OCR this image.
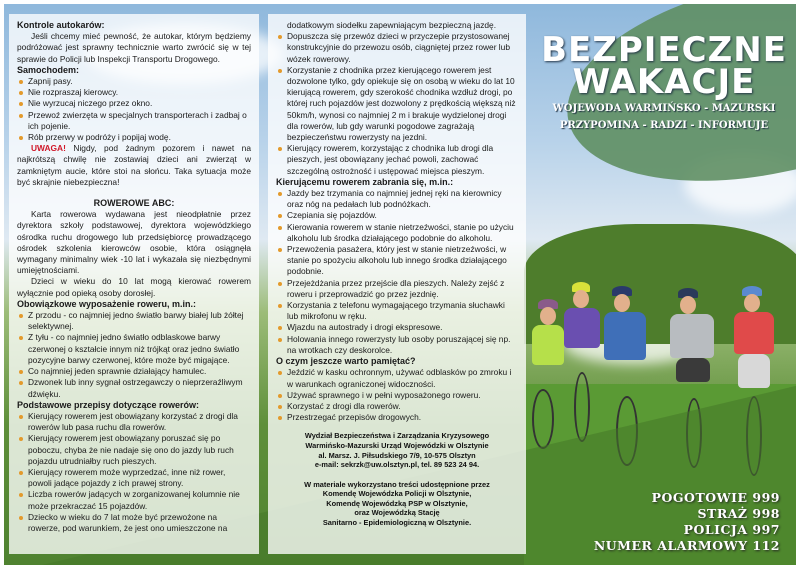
Kontrole autokarów:

Jeśli chcemy mieć pewność, że autokar, którym będziemy podróżować jest sprawny technicznie warto zwrócić się w tej sprawie do Policji lub Inspekcji Transportu Drogowego.

Samochodem:
Zapnij pasy.
Nie rozpraszaj kierowcy.
Nie wyrzucaj niczego przez okno.
Przewoź zwierzęta w specjalnych transporterach i zadbaj o ich pojenie.
Rób przerwy w podróży i popijaj wodę.

UWAGA! Nigdy, pod żadnym pozorem i nawet na najkrótszą chwilę nie zostawiaj dzieci ani zwierząt w zamkniętym aucie, które stoi na słońcu. Taka sytuacja może być skrajnie niebezpieczna!

ROWEROWE ABC:

Karta rowerowa wydawana jest nieodpłatnie przez dyrektora szkoły podstawowej, dyrektora wojewódzkiego ośrodka ruchu drogowego lub przedsiębiorcę prowadzącego ośrodek szkolenia kierowców osobie, która osiągnęła wymagany minimalny wiek -10 lat i wykazała się niezbędnymi umiejętnościami.

Dzieci w wieku do 10 lat mogą kierować rowerem wyłącznie pod opieką osoby dorosłej.

Obowiązkowe wyposażenie roweru, m.in.:
Z przodu - co najmniej jedno światło barwy białej lub żółtej selektywnej.
Z tyłu - co najmniej jedno światło odblaskowe barwy czerwonej o kształcie innym niż trójkąt oraz jedno światło pozycyjne barwy czerwonej, które może być migające.
Co najmniej jeden sprawnie działający hamulec.
Dzwonek lub inny sygnał ostrzegawczy o nieprzeraźliwym dźwięku.
Podstawowe przepisy dotyczące rowerów:
Kierujący rowerem jest obowiązany korzystać z drogi dla rowerów lub pasa ruchu dla rowerów.
Kierujący rowerem jest obowiązany poruszać się po poboczu, chyba że nie nadaje się ono do jazdy lub ruch pojazdu utrudniałby ruch pieszych.
Kierujący rowerem może wyprzedzać, inne niż rower, powoli jadące pojazdy z ich prawej strony.
Liczba rowerów jadących w zorganizowanej kolumnie nie może przekraczać 15 pojazdów.
Dziecko w wieku do 7 lat może być przewożone na rowerze, pod warunkiem, że jest ono umieszczone na
dodatkowym siodełku zapewniającym bezpieczną jazdę.
Dopuszcza się przewóz dzieci w przyczepie przystosowanej konstrukcyjnie do przewozu osób, ciągniętej przez rower lub wózek rowerowy.
Korzystanie z chodnika przez kierującego rowerem jest dozwolone tylko, gdy opiekuje się on osobą w wieku do lat 10 kierującą rowerem, gdy szerokość chodnika wzdłuż drogi, po której ruch pojazdów jest dozwolony z prędkością większą niż 50km/h, wynosi co najmniej 2 m i brakuje wydzielonej drogi dla rowerów, lub gdy warunki pogodowe zagrażają bezpieczeństwu rowerzysty na jezdni.
Kierujący rowerem, korzystając z chodnika lub drogi dla pieszych, jest obowiązany jechać powoli, zachować szczególną ostrożność i ustępować miejsca pieszym.
Kierującemu rowerem zabrania się, m.in.:
Jazdy bez trzymania co najmniej jednej ręki na kierownicy oraz nóg na pedałach lub podnóżkach.
Czepiania się pojazdów.
Kierowania rowerem w stanie nietrzeźwości, stanie po użyciu alkoholu lub środka działającego podobnie do alkoholu.
Przewożenia pasażera, który jest w stanie nietrzeźwości, w stanie po spożyciu alkoholu lub innego środka działającego podobnie.
Przejeżdżania przez przejście dla pieszych. Należy zejść z roweru i przeprowadzić go przez jezdnię.
Korzystania z telefonu wymagającego trzymania słuchawki lub mikrofonu w ręku.
Wjazdu na autostrady i drogi ekspresowe.
Holowania innego rowerzysty lub osoby poruszającej się np. na wrotkach czy deskorolce.
O czym jeszcze warto pamiętać?
Jeździć w kasku ochronnym, używać odblasków po zmroku i w warunkach ograniczonej widoczności.
Używać sprawnego i w pełni wyposażonego roweru.
Korzystać z drogi dla rowerów.
Przestrzegać przepisów drogowych.
Wydział Bezpieczeństwa i Zarządzania Kryzysowego
Warmińsko-Mazurski Urząd Wojewódzki w Olsztynie
al. Marsz. J. Piłsudskiego 7/9, 10-575 Olsztyn
e-mail: sekrzk@uw.olsztyn.pl, tel. 89 523 24 94.
W materiale wykorzystano treści udostępnione przez
Komendę Wojewódzka Policji w Olsztynie,
Komendę Wojewódzką PSP w Olsztynie,
oraz Wojewódzką Stację
Sanitarno - Epidemiologiczną w Olsztynie.
BEZPIECZNE
WAKACJE
WOJEWODA WARMIŃSKO - MAZURSKI
PRZYPOMINA - RADZI - INFORMUJE
POGOTOWIE 999
STRAŻ 998
POLICJA 997
NUMER ALARMOWY 112
